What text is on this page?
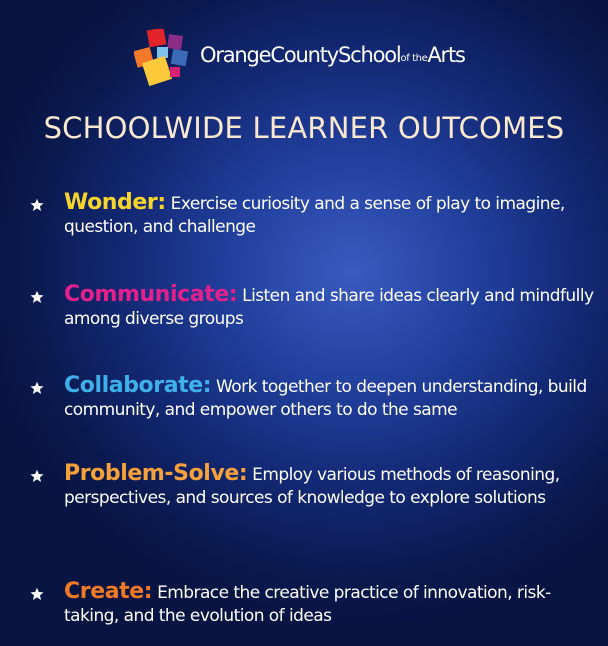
OrangeCountySchoolof theArts
SCHOOLWIDE LEARNER OUTCOMES
Wonder: Exercise curiosity and a sense of play to imagine, question, and challenge
Communicate: Listen and share ideas clearly and mindfully among diverse groups
Collaborate: Work together to deepen understanding, build community, and empower others to do the same
Problem-Solve: Employ various methods of reasoning, perspectives, and sources of knowledge to explore solutions
Create: Embrace the creative practice of innovation, risk-taking, and the evolution of ideas
